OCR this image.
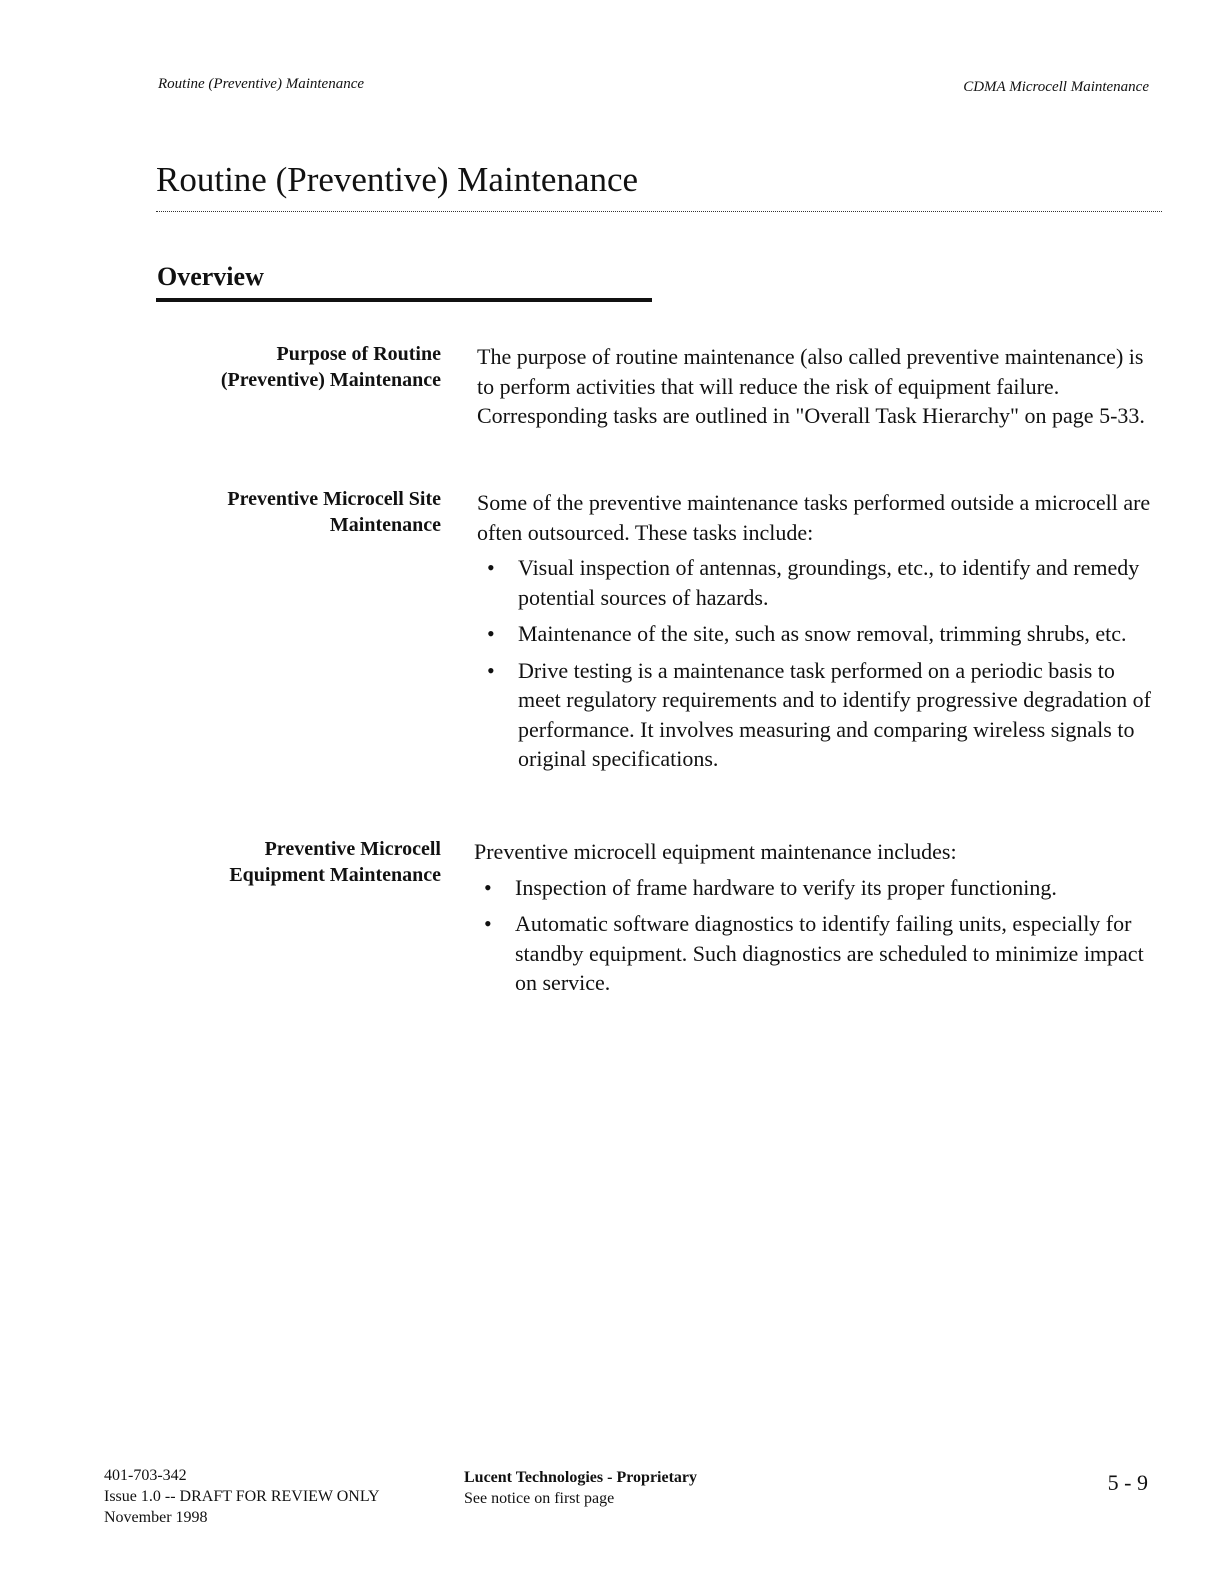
Routine (Preventive) Maintenance	CDMA Microcell Maintenance
Routine (Preventive) Maintenance
Overview
Purpose of Routine
(Preventive) Maintenance

The purpose of routine maintenance (also called preventive maintenance) is to perform activities that will reduce the risk of equipment failure. Corresponding tasks are outlined in "Overall Task Hierarchy" on page 5-33.

Preventive Microcell Site
Maintenance

Some of the preventive maintenance tasks performed outside a microcell are often outsourced. These tasks include:

• Visual inspection of antennas, groundings, etc., to identify and remedy potential sources of hazards.
• Maintenance of the site, such as snow removal, trimming shrubs, etc.
• Drive testing is a maintenance task performed on a periodic basis to meet regulatory requirements and to identify progressive degradation of performance. It involves measuring and comparing wireless signals to original specifications.
Preventive Microcell
Equipment Maintenance

Preventive microcell equipment maintenance includes:

• Inspection of frame hardware to verify its proper functioning.
• Automatic software diagnostics to identify failing units, especially for standby equipment. Such diagnostics are scheduled to minimize impact on service.
401-703-342
Issue 1.0 -- DRAFT FOR REVIEW ONLY
November 1998
Lucent Technologies - Proprietary
See notice on first page
5 - 9
